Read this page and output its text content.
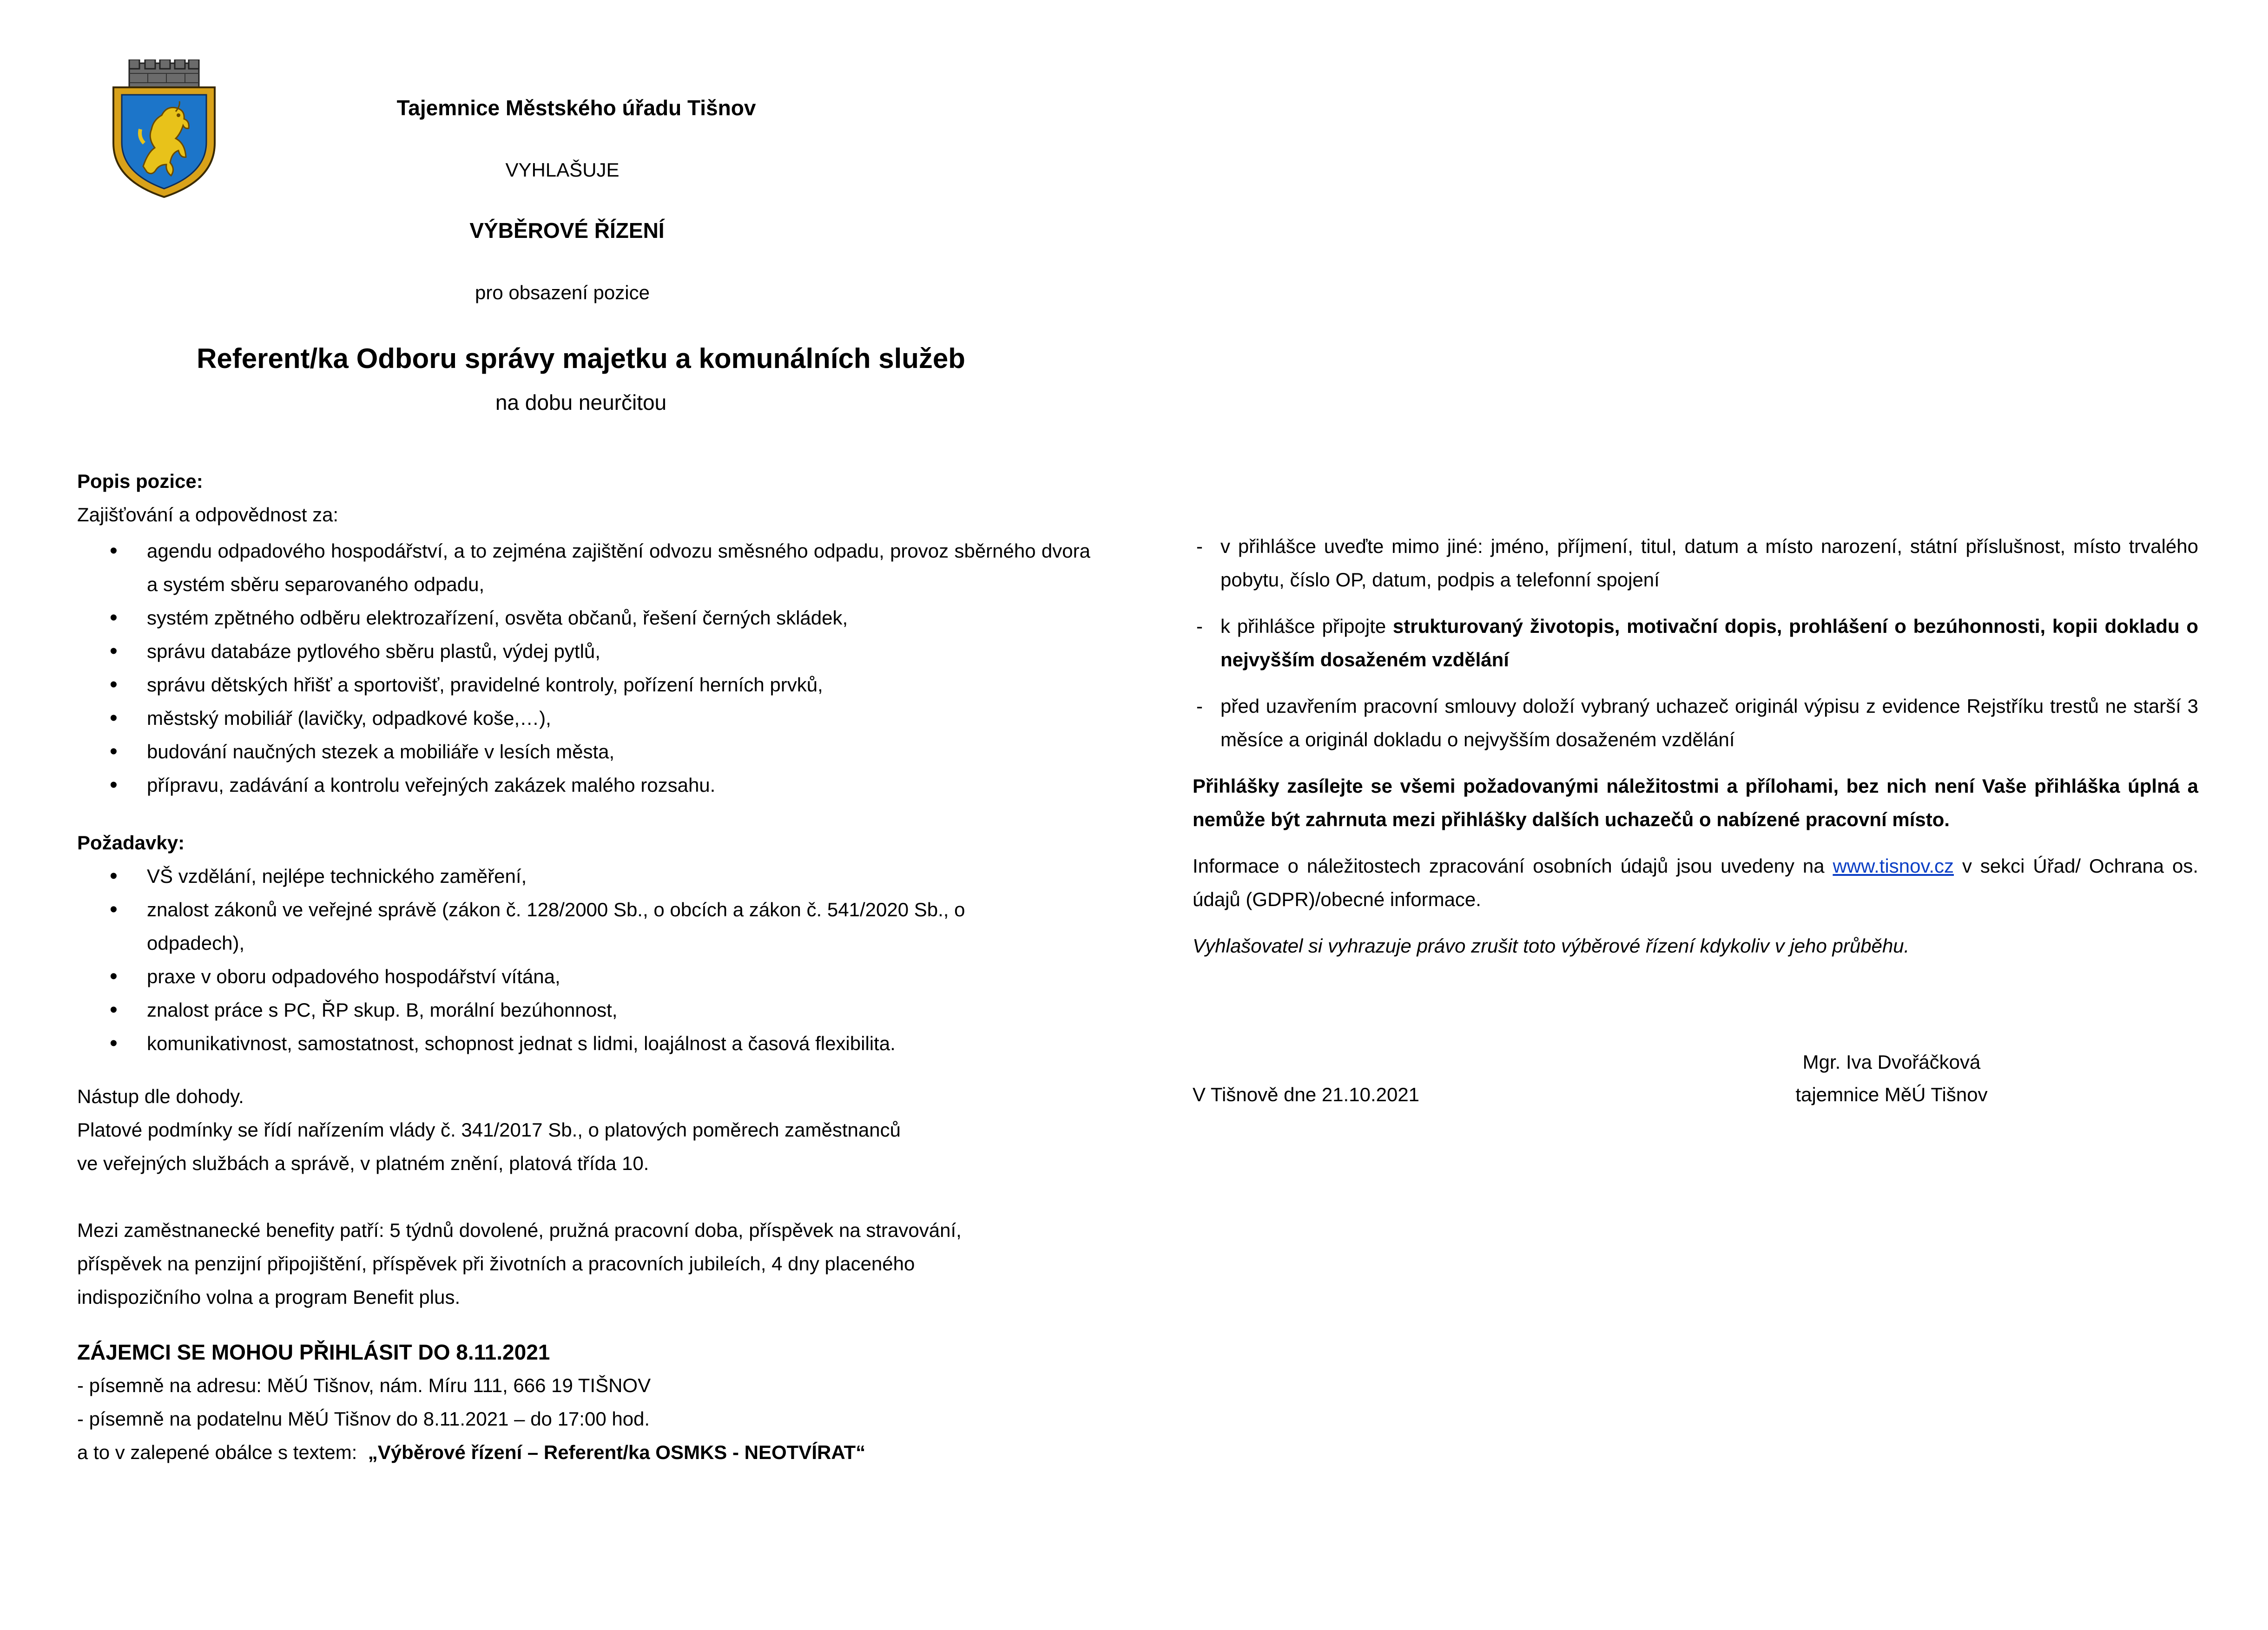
Tajemnice Městského úřadu Tišnov
VYHLAŠUJE
VÝBĚROVÉ ŘÍZENÍ
pro obsazení pozice
Referent/ka Odboru správy majetku a komunálních služeb
na dobu neurčitou
Popis pozice:
Zajišťování a odpovědnost za:
• agendu odpadového hospodářství, a to zejména zajištění odvozu směsného odpadu, provoz sběrného dvora a systém sběru separovaného odpadu,
• systém zpětného odběru elektrozařízení, osvěta občanů, řešení černých skládek,
• správu databáze pytlového sběru plastů, výdej pytlů,
• správu dětských hřišť a sportovišť, pravidelné kontroly, pořízení herních prvků,
• městský mobiliář (lavičky, odpadkové koše,…),
• budování naučných stezek a mobiliáře v lesích města,
• přípravu, zadávání a kontrolu veřejných zakázek malého rozsahu.
Požadavky:
• VŠ vzdělání, nejlépe technického zaměření,
• znalost zákonů ve veřejné správě (zákon č. 128/2000 Sb., o obcích a zákon č. 541/2020 Sb., o odpadech),
• praxe v oboru odpadového hospodářství vítána,
• znalost práce s PC, ŘP skup. B, morální bezúhonnost,
• komunikativnost, samostatnost, schopnost jednat s lidmi, loajálnost a časová flexibilita.
Nástup dle dohody.
Platové podmínky se řídí nařízením vlády č. 341/2017 Sb., o platových poměrech zaměstnanců
ve veřejných službách a správě, v platném znění, platová třída 10.
Mezi zaměstnanecké benefity patří: 5 týdnů dovolené, pružná pracovní doba, příspěvek na stravování,
příspěvek na penzijní připojištění, příspěvek při životních a pracovních jubileích, 4 dny placeného
indispozičního volna a program Benefit plus.
ZÁJEMCI SE MOHOU PŘIHLÁSIT DO 8.11.2021
- písemně na adresu: MěÚ Tišnov, nám. Míru 111, 666 19 TIŠNOV
- písemně na podatelnu MěÚ Tišnov do 8.11.2021 – do 17:00 hod.
a to v zalepené obálce s textem:  „Výběrové řízení – Referent/ka OSMKS - NEOTVÍRAT“
- v přihlášce uveďte mimo jiné: jméno, příjmení, titul, datum a místo narození, státní příslušnost, místo trvalého pobytu, číslo OP, datum, podpis a telefonní spojení
- k přihlášce připojte strukturovaný životopis, motivační dopis, prohlášení o bezúhonnosti, kopii dokladu o nejvyšším dosaženém vzdělání
- před uzavřením pracovní smlouvy doloží vybraný uchazeč originál výpisu z evidence Rejstříku trestů ne starší 3 měsíce a originál dokladu o nejvyšším dosaženém vzdělání
Přihlášky zasílejte se všemi požadovanými náležitostmi a přílohami, bez nich není Vaše přihláška úplná a nemůže být zahrnuta mezi přihlášky dalších uchazečů o nabízené pracovní místo.
Informace o náležitostech zpracování osobních údajů jsou uvedeny na www.tisnov.cz v sekci Úřad/ Ochrana os. údajů (GDPR)/obecné informace.
Vyhlašovatel si vyhrazuje právo zrušit toto výběrové řízení kdykoliv v jeho průběhu.
V Tišnově dne 21.10.2021
Mgr. Iva Dvořáčková
tajemnice MěÚ Tišnov
